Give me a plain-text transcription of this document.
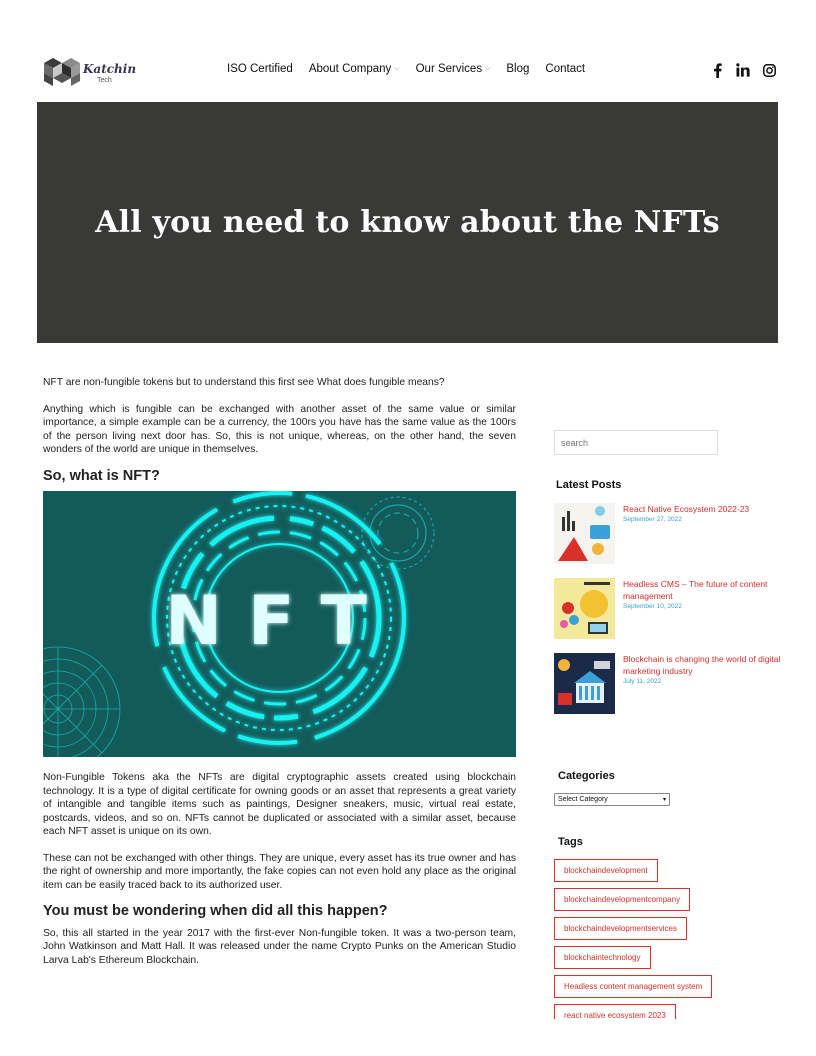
Katchin
Tech
ISO Certified About Company ⌵ Our Services ⌵ Blog Contact
All you need to know about the NFTs

NFT are non-fungible tokens but to understand this first see What does fungible means?

Anything which is fungible can be exchanged with another asset of the same value or similar importance, a simple example can be a currency, the 100rs you have has the same value as the 100rs of the person living next door has. So, this is not unique, whereas, on the other hand, the seven wonders of the world are unique in themselves.

So, what is NFT?
NFT

Non-Fungible Tokens aka the NFTs are digital cryptographic assets created using blockchain technology. It is a type of digital certificate for owning goods or an asset that represents a great variety of intangible and tangible items such as paintings, Designer sneakers, music, virtual real estate, postcards, videos, and so on. NFTs cannot be duplicated or associated with a similar asset, because each NFT asset is unique on its own.

These can not be exchanged with other things. They are unique, every asset has its true owner and has the right of ownership and more importantly, the fake copies can not even hold any place as the original item can be easily traced back to its authorized user.

You must be wondering when did all this happen?

So, this all started in the year 2017 with the first-ever Non-fungible token. It was a two-person team, John Watkinson and Matt Hall. It was released under the name Crypto Punks on the American Studio Larva Lab's Ethereum Blockchain.

search
Latest Posts
React Native Ecosystem 2022-23
September 27, 2022
Headless CMS – The future of content management
September 10, 2022
Blockchain is changing the world of digital marketing industry
July 11, 2022
Categories
Select Category	▾
Tags
blockchaindevelopment
blockchaindevelopmentcompany
blockchaindevelopmentservices
blockchaintechnology
Headless content management system
react native ecosystem 2023
